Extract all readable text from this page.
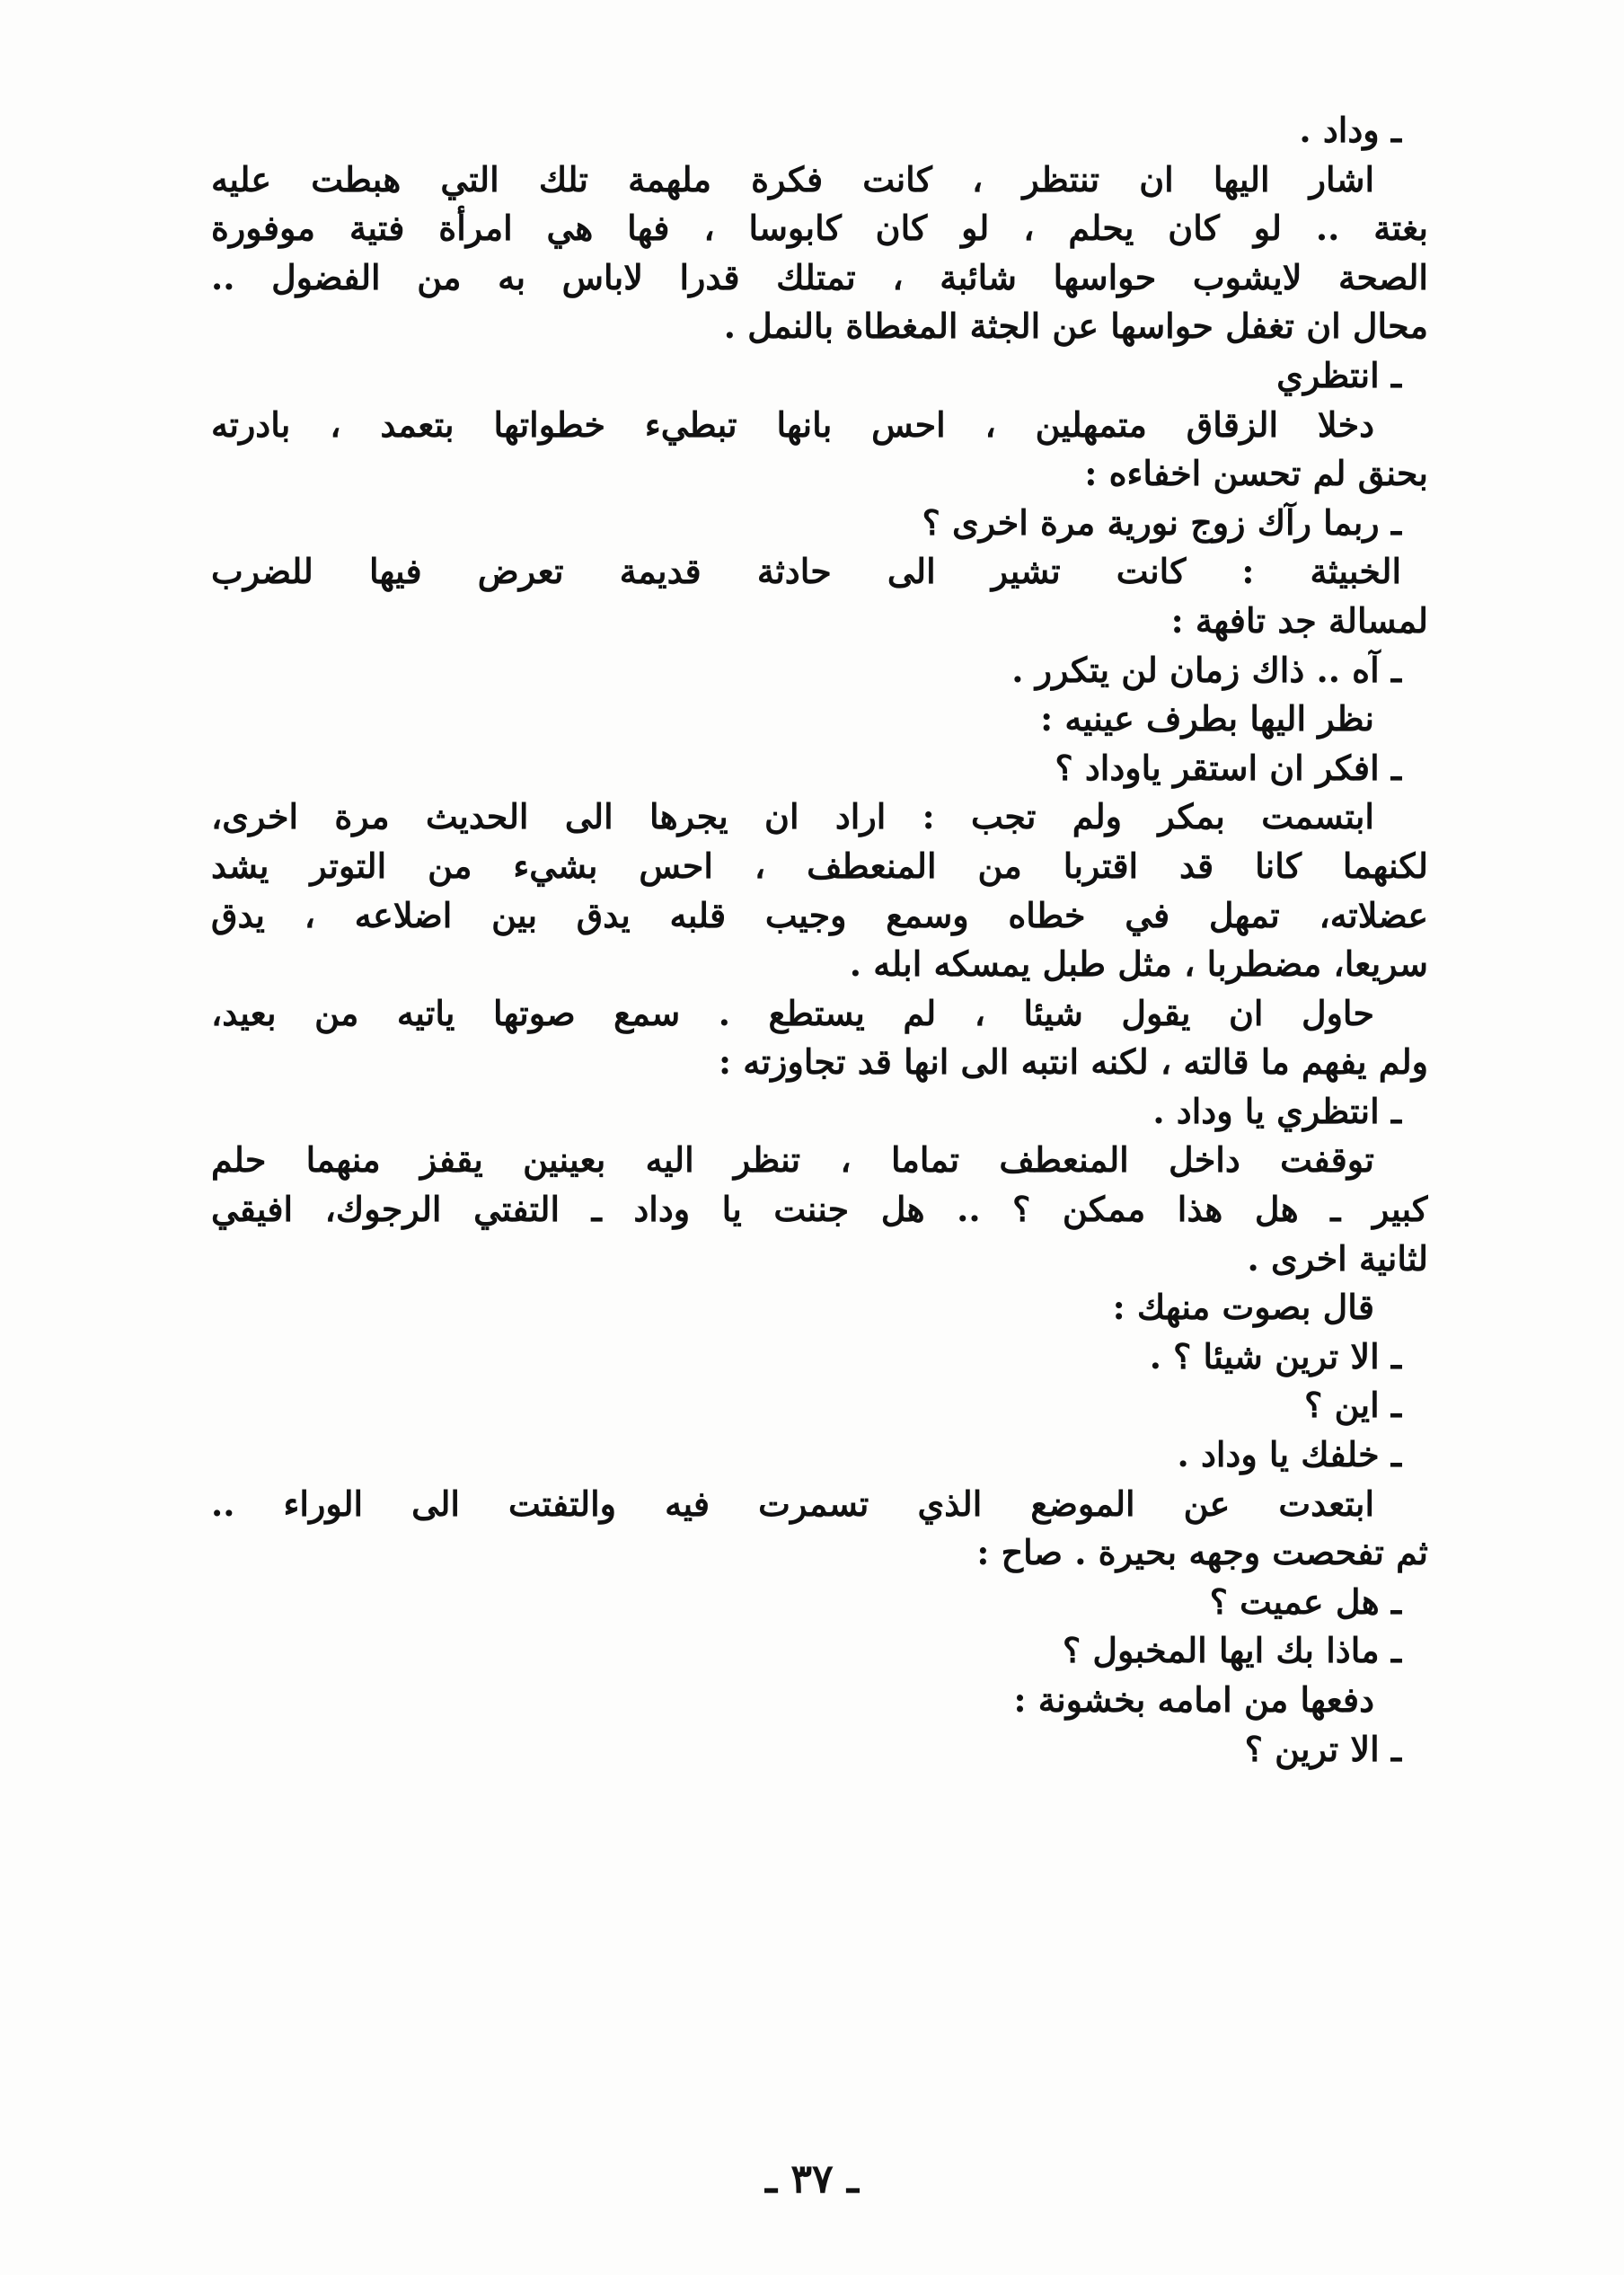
ـ وداد .
اشار اليها ان تنتظر ، كانت فكرة ملهمة تلك التي هبطت عليه
بغتة .. لو كان يحلم ، لو كان كابوسا ، فها هي امرأة فتية موفورة
الصحة لايشوب حواسها شائبة ، تمتلك قدرا لاباس به من الفضول ..
محال ان تغفل حواسها عن الجثة المغطاة بالنمل .
ـ انتظري
دخلا الزقاق متمهلين ، احس بانها تبطيء خطواتها بتعمد ، بادرته
بحنق لم تحسن اخفاءه :
ـ ربما رآك زوج نورية مرة اخرى ؟
الخبيثة : كانت تشير الى حادثة قديمة تعرض فيها للضرب
لمسالة جد تافهة :
ـ آه .. ذاك زمان لن يتكرر .
نظر اليها بطرف عينيه :
ـ افكر ان استقر ياوداد ؟
ابتسمت بمكر ولم تجب : اراد ان يجرها الى الحديث مرة اخرى،
لكنهما كانا قد اقتربا من المنعطف ، احس بشيء من التوتر يشد
عضلاته، تمهل في خطاه وسمع وجيب قلبه يدق بين اضلاعه ، يدق
سريعا، مضطربا ، مثل طبل يمسكه ابله .
حاول ان يقول شيئا ، لم يستطع . سمع صوتها ياتيه من بعيد،
ولم يفهم ما قالته ، لكنه انتبه الى انها قد تجاوزته :
ـ انتظري يا وداد .
توقفت داخل المنعطف تماما ، تنظر اليه بعينين يقفز منهما حلم
كبير ـ هل هذا ممكن ؟ .. هل جننت يا وداد ـ التفتي الرجوك، افيقي
لثانية اخرى .
قال بصوت منهك :
ـ الا ترين شيئا ؟ .
ـ اين ؟
ـ خلفك يا وداد .
ابتعدت عن الموضع الذي تسمرت فيه والتفتت الى الوراء ..
ثم تفحصت وجهه بحيرة . صاح :
ـ هل عميت ؟
ـ ماذا بك ايها المخبول ؟
دفعها من امامه بخشونة :
ـ الا ترين ؟
ـ ٣٧ ـ
